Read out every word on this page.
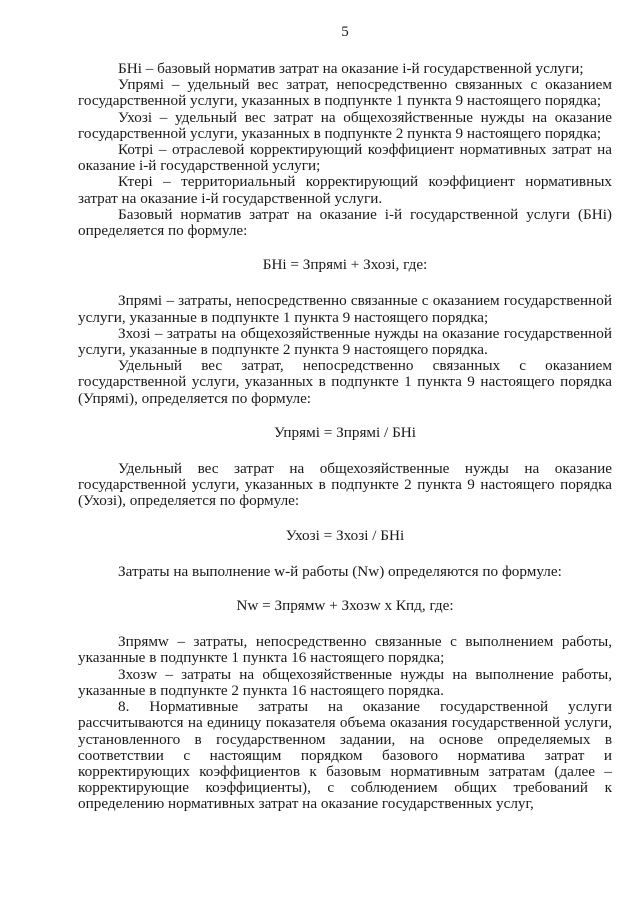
5

БНi – базовый норматив затрат на оказание i-й государственной услуги;

Упрямi – удельный вес затрат, непосредственно связанных с оказанием государственной услуги, указанных в подпункте 1 пункта 9 настоящего порядка;

Ухозi – удельный вес затрат на общехозяйственные нужды на оказание государственной услуги, указанных в подпункте 2 пункта 9 настоящего порядка;

Котрi – отраслевой корректирующий коэффициент нормативных затрат на оказание i-й государственной услуги;

Ктерi – территориальный корректирующий коэффициент нормативных затрат на оказание i-й государственной услуги.

Базовый норматив затрат на оказание i-й государственной услуги (БНi) определяется по формуле:

БНi = Зпрямi + Зхозi, где:

Зпрямi – затраты, непосредственно связанные с оказанием государственной услуги, указанные в подпункте 1 пункта 9 настоящего порядка;

Зхозi – затраты на общехозяйственные нужды на оказание государственной услуги, указанные в подпункте 2 пункта 9 настоящего порядка.

Удельный вес затрат, непосредственно связанных с оказанием государственной услуги, указанных в подпункте 1 пункта 9 настоящего порядка (Упрямi), определяется по формуле:

Упрямi = Зпрямi / БНi

Удельный вес затрат на общехозяйственные нужды на оказание государственной услуги, указанных в подпункте 2 пункта 9 настоящего порядка (Ухозi), определяется по формуле:

Ухозi = Зхозi / БНi

Затраты на выполнение w-й работы (Nw) определяются по формуле:

Nw = Зпрямw + Зхозw x Кпд, где:

Зпрямw – затраты, непосредственно связанные с выполнением работы, указанные в подпункте 1 пункта 16 настоящего порядка;

Зхозw – затраты на общехозяйственные нужды на выполнение работы, указанные в подпункте 2 пункта 16 настоящего порядка.

8. Нормативные затраты на оказание государственной услуги рассчитываются на единицу показателя объема оказания государственной услуги, установленного в государственном задании, на основе определяемых в соответствии с настоящим порядком базового норматива затрат и корректирующих коэффициентов к базовым нормативным затратам (далее – корректирующие коэффициенты), с соблюдением общих требований к определению нормативных затрат на оказание государственных услуг,
